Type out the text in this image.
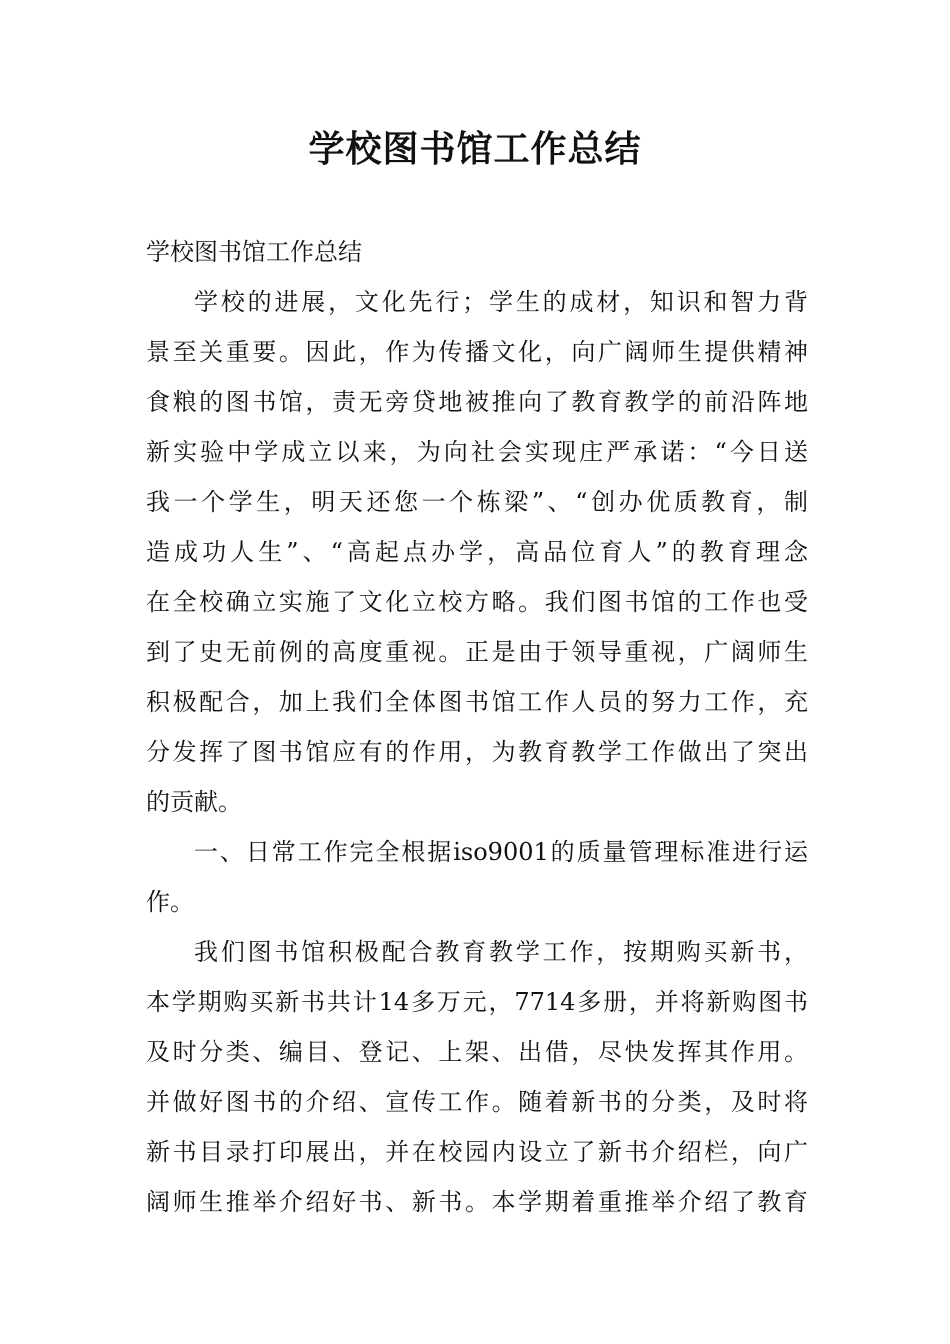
学校图书馆工作总结
学校图书馆工作总结
学校的进展，文化先行；学生的成材，知识和智力背
景至关重要。因此，作为传播文化，向广阔师生提供精神
食粮的图书馆，责无旁贷地被推向了教育教学的前沿阵地
新实验中学成立以来，为向社会实现庄严承诺：“今日送
我一个学生，明天还您一个栋梁”、“创办优质教育，制
造成功人生”、“高起点办学，高品位育人”的教育理念
在全校确立实施了文化立校方略。我们图书馆的工作也受
到了史无前例的高度重视。正是由于领导重视，广阔师生
积极配合，加上我们全体图书馆工作人员的努力工作，充
分发挥了图书馆应有的作用，为教育教学工作做出了突出
的贡献。
一、日常工作完全根据iso9001的质量管理标准进行运
作。
我们图书馆积极配合教育教学工作，按期购买新书，
本学期购买新书共计14多万元，7714多册，并将新购图书
及时分类、编目、登记、上架、出借，尽快发挥其作用。
并做好图书的介绍、宣传工作。随着新书的分类，及时将
新书目录打印展出，并在校园内设立了新书介绍栏，向广
阔师生推举介绍好书、新书。本学期着重推举介绍了教育
